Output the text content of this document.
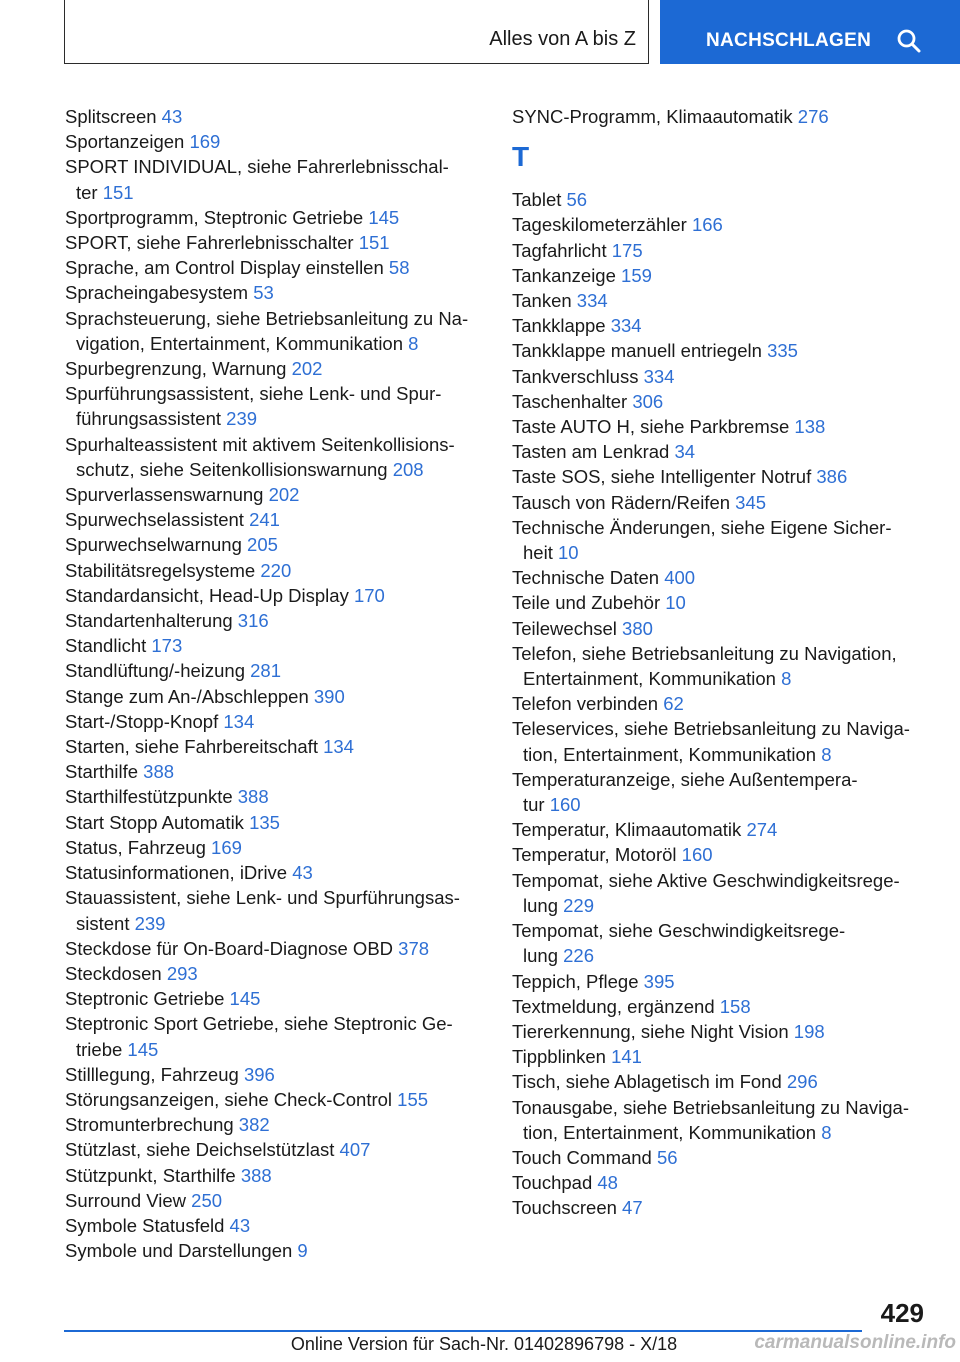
Alles von A bis Z	NACHSCHLAGEN
Splitscreen 43
Sportanzeigen 169
SPORT INDIVIDUAL, siehe Fahrerlebnisschal-
ter 151
Sportprogramm, Steptronic Getriebe 145
SPORT, siehe Fahrerlebnisschalter 151
Sprache, am Control Display einstellen 58
Spracheingabesystem 53
Sprachsteuerung, siehe Betriebsanleitung zu Na-
vigation, Entertainment, Kommunikation 8
Spurbegrenzung, Warnung 202
Spurführungsassistent, siehe Lenk- und Spur-
führungsassistent 239
Spurhalteassistent mit aktivem Seitenkollisions-
schutz, siehe Seitenkollisionswarnung 208
Spurverlassenswarnung 202
Spurwechselassistent 241
Spurwechselwarnung 205
Stabilitätsregelsysteme 220
Standardansicht, Head-Up Display 170
Standartenhalterung 316
Standlicht 173
Standlüftung/-heizung 281
Stange zum An-/Abschleppen 390
Start-/Stopp-Knopf 134
Starten, siehe Fahrbereitschaft 134
Starthilfe 388
Starthilfestützpunkte 388
Start Stopp Automatik 135
Status, Fahrzeug 169
Statusinformationen, iDrive 43
Stauassistent, siehe Lenk- und Spurführungsas-
sistent 239
Steckdose für On-Board-Diagnose OBD 378
Steckdosen 293
Steptronic Getriebe 145
Steptronic Sport Getriebe, siehe Steptronic Ge-
triebe 145
Stilllegung, Fahrzeug 396
Störungsanzeigen, siehe Check-Control 155
Stromunterbrechung 382
Stützlast, siehe Deichselstützlast 407
Stützpunkt, Starthilfe 388
Surround View 250
Symbole Statusfeld 43
Symbole und Darstellungen 9
SYNC-Programm, Klimaautomatik 276
T
Tablet 56
Tageskilometerzähler 166
Tagfahrlicht 175
Tankanzeige 159
Tanken 334
Tankklappe 334
Tankklappe manuell entriegeln 335
Tankverschluss 334
Taschenhalter 306
Taste AUTO H, siehe Parkbremse 138
Tasten am Lenkrad 34
Taste SOS, siehe Intelligenter Notruf 386
Tausch von Rädern/Reifen 345
Technische Änderungen, siehe Eigene Sicher-
heit 10
Technische Daten 400
Teile und Zubehör 10
Teilewechsel 380
Telefon, siehe Betriebsanleitung zu Navigation,
Entertainment, Kommunikation 8
Telefon verbinden 62
Teleservices, siehe Betriebsanleitung zu Naviga-
tion, Entertainment, Kommunikation 8
Temperaturanzeige, siehe Außentempera-
tur 160
Temperatur, Klimaautomatik 274
Temperatur, Motoröl 160
Tempomat, siehe Aktive Geschwindigkeitsrege-
lung 229
Tempomat, siehe Geschwindigkeitsrege-
lung 226
Teppich, Pflege 395
Textmeldung, ergänzend 158
Tiererkennung, siehe Night Vision 198
Tippblinken 141
Tisch, siehe Ablagetisch im Fond 296
Tonausgabe, siehe Betriebsanleitung zu Naviga-
tion, Entertainment, Kommunikation 8
Touch Command 56
Touchpad 48
Touchscreen 47
429
Online Version für Sach-Nr. 01402896798 - X/18	carmanualsonline.info
